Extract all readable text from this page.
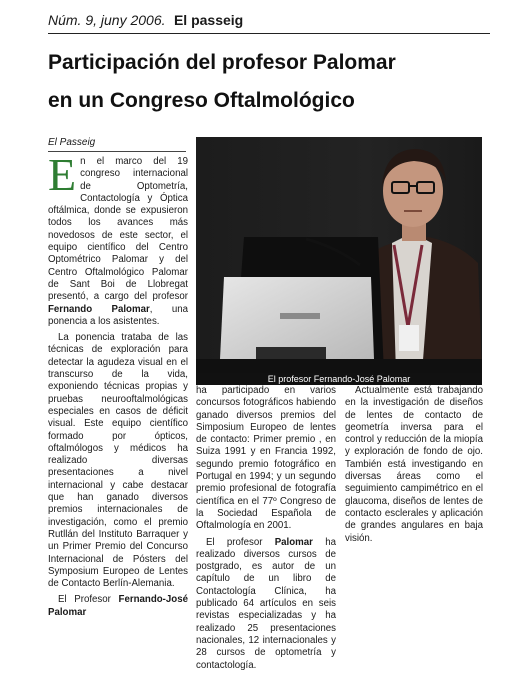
Núm. 9, juny 2006. El passeig
Participación del profesor Palomar
en un Congreso Oftalmológico
El Passeig

En el marco del 19 congreso internacional de Optometría, Contactología y Óptica oftálmica, donde se expusieron todos los avances más novedosos de este sector, el equipo científico del Centro Optométrico Palomar y del Centro Oftalmológico Palomar de Sant Boi de Llobregat presentó, a cargo del profesor Fernando Palomar, una ponencia a los asistentes.

La ponencia trataba de las técnicas de exploración para detectar la agudeza visual en el transcurso de la vida, exponiendo técnicas propias y pruebas neurooftalmológicas especiales en casos de déficit visual. Este equipo científico formado por ópticos, oftalmólogos y médicos ha realizado diversas presentaciones a nivel internacional y cabe destacar que han ganado diversos premios internacionales de investigación, como el premio Rutllán del Instituto Barraquer y un Primer Premio del Concurso Internacional de Pósters del Symposium Europeo de Lentes de Contacto Berlín-Alemania.

El Profesor Fernando-José Palomar

El profesor Fernando-José Palomar

ha participado en varios concursos fotográficos habiendo ganado diversos premios del Simposium Europeo de lentes de contacto: Primer premio , en Suiza 1991 y en Francia 1992, segundo premio fotográfico en Portugal en 1994; y un segundo premio profesional de fotografía científica en el 77º Congreso de la Sociedad Española de Oftalmología en 2001.

El profesor Palomar ha realizado diversos cursos de postgrado, es autor de un capítulo de un libro de Contactología Clínica, ha publicado 64 artículos en seis revistas especializadas y ha realizado 25 presentaciones nacionales, 12 internacionales y 28 cursos de optometría y contactología.

Actualmente está trabajando en la investigación de diseños de lentes de contacto de geometría inversa para el control y reducción de la miopía y exploración de fondo de ojo. También está investigando en diversas áreas como el seguimiento campimétrico en el glaucoma, diseños de lentes de contacto esclerales y aplicación de grandes angulares en baja visión.
